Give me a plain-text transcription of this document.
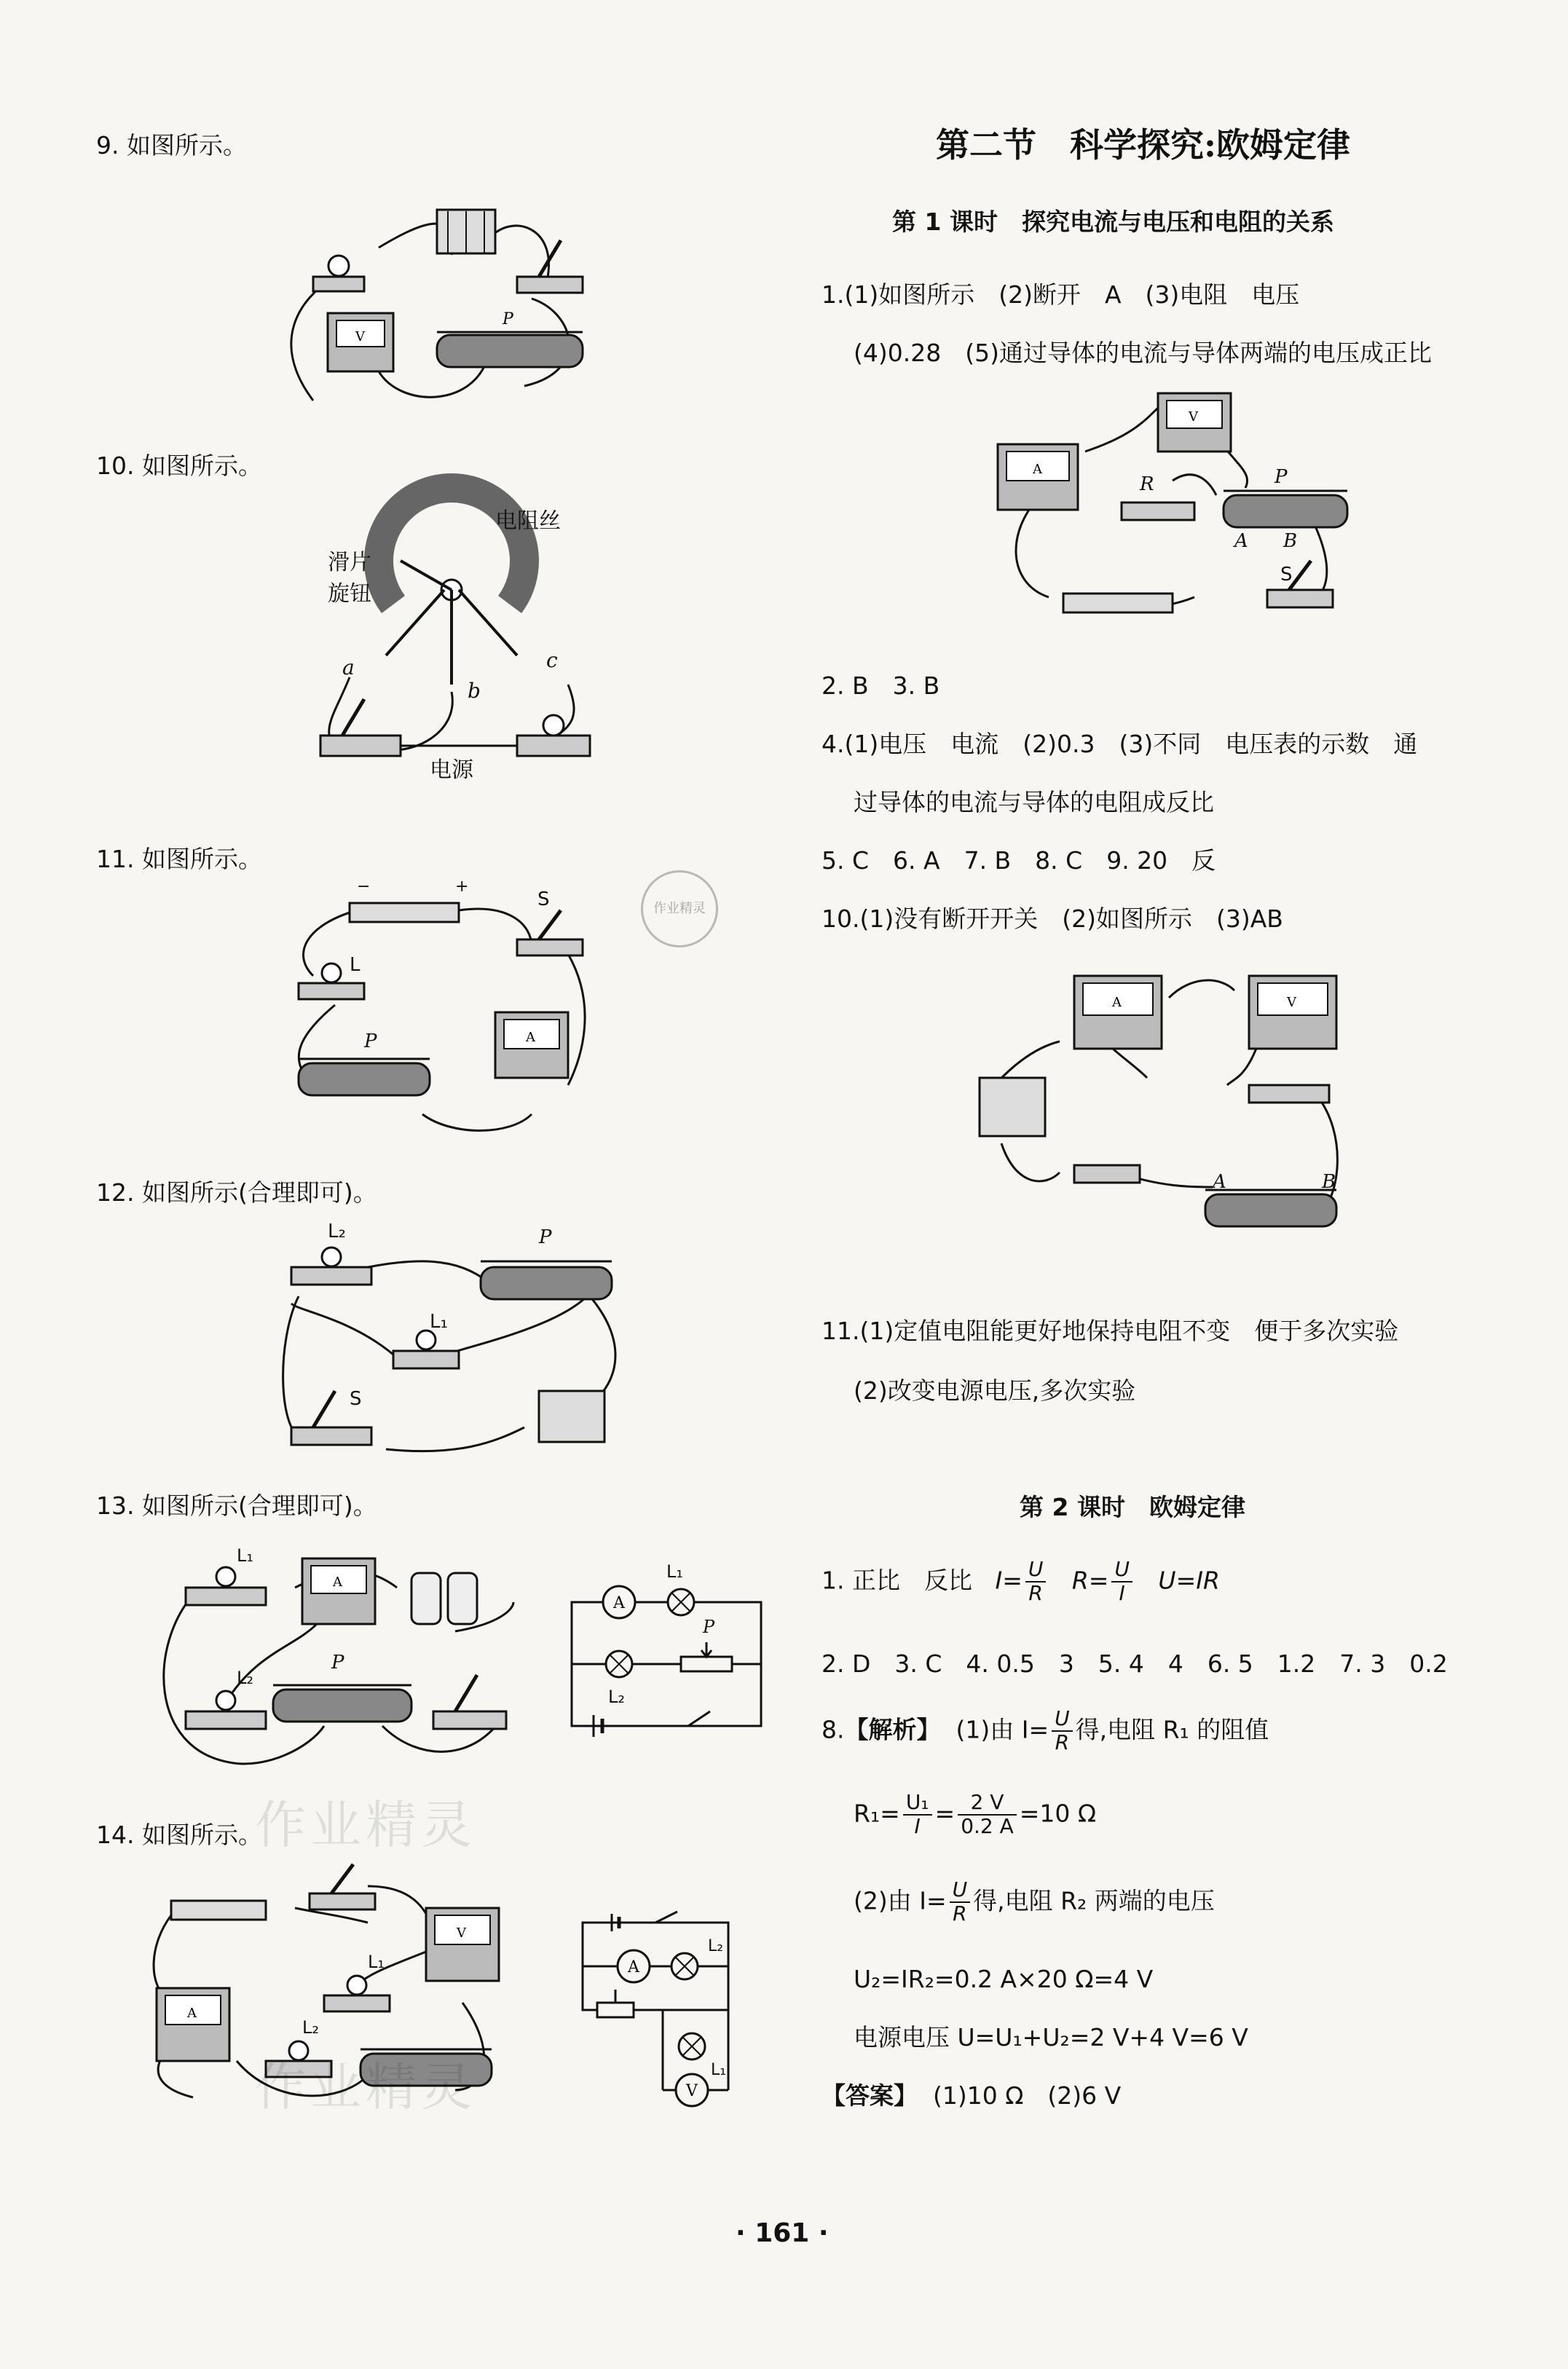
9. 如图所示。
V
P
10. 如图所示。
电阻丝
滑片
旋钮
a
b
c
电源
11. 如图所示。
A
S
L
P
−	+
作业精灵
12. 如图所示(合理即可)。
L₂	P
L₁
S
13. 如图所示(合理即可)。
A
L₁
P
L₂
A
L₁
P
L₂
14. 如图所示。
V
A
L₁
L₂
A
V
L₂
L₁
作业精灵
作业精灵
第二节　科学探究:欧姆定律
第 1 课时　探究电流与电压和电阻的关系
1.(1)如图所示　(2)断开　A　(3)电阻　电压
(4)0.28　(5)通过导体的电流与导体两端的电压成正比
V
A
R	P
A B
S
2. B　3. B
4.(1)电压　电流　(2)0.3　(3)不同　电压表的示数　通
过导体的电流与导体的电阻成反比
5. C　6. A　7. B　8. C　9. 20　反
10.(1)没有断开开关　(2)如图所示　(3)AB
A	V
A	B
11.(1)定值电阻能更好地保持电阻不变　便于多次实验
(2)改变电源电压,多次实验
第 2 课时　欧姆定律
1. 正比　反比 $I= \frac{U}{R} R= \frac{U}{I} U=IR$
2. D　3. C　4. 0.5　3　5. 4　4　6. 5　1.2　7. 3　0.2
8.【解析】 (1)由 $I= \frac{U}{R}$ 得,电阻 R₁ 的阻值
$R_1= \frac{\text{U₁}}{I} = \frac{2 V}{0.2 A} =10$ Ω
(2)由 $I= \frac{U}{R}$ 得,电阻 R₂ 两端的电压
U₂=IR₂=0.2 A×20 Ω=4 V
电源电压 U=U₁+U₂=2 V+4 V=6 V
【答案】 (1)10 Ω　(2)6 V
· 161 ·
